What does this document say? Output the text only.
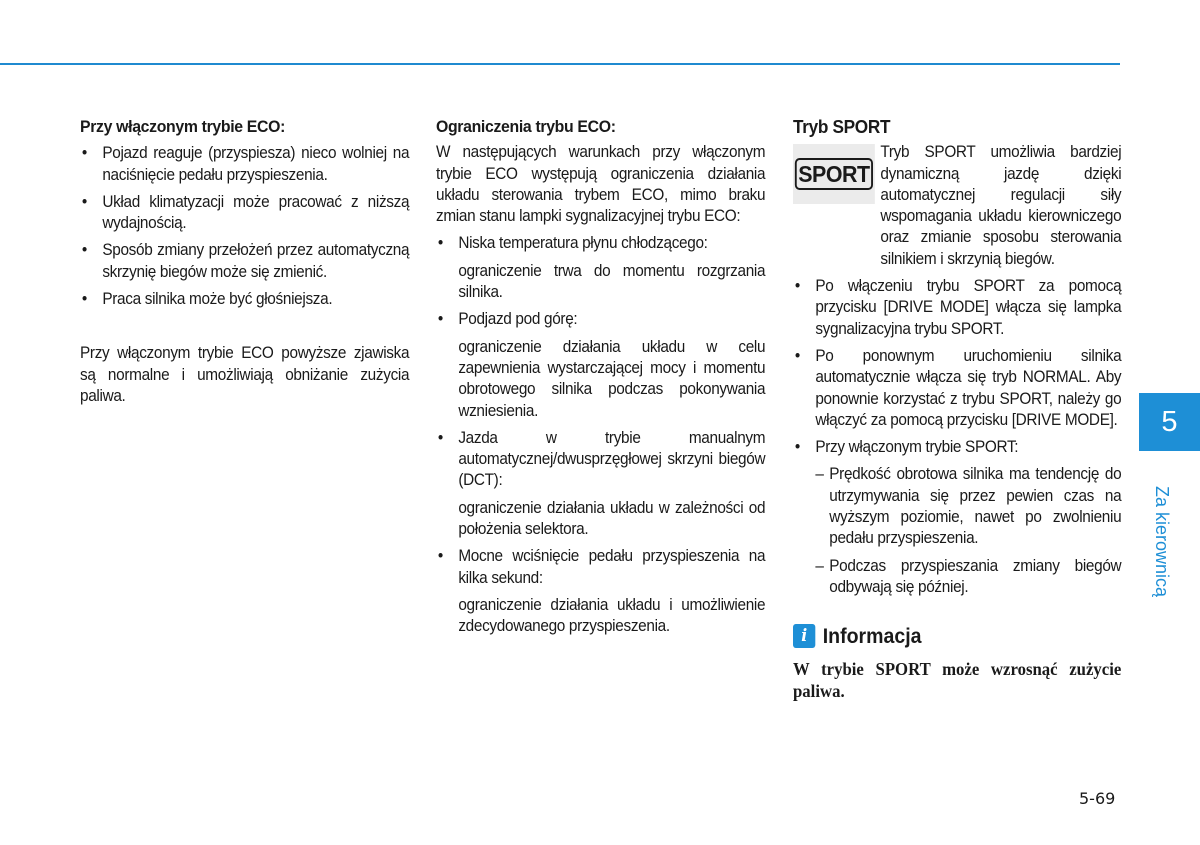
Przy włączonym trybie ECO:
• Pojazd reaguje (przyspiesza) nieco wolniej na naciśnięcie pedału przyspieszenia.
• Układ klimatyzacji może pracować z niższą wydajnością.
• Sposób zmiany przełożeń przez automatyczną skrzynię biegów może się zmienić.
• Praca silnika może być głośniejsza.
Przy włączonym trybie ECO powyższe zjawiska są normalne i umożliwiają obniżanie zużycia paliwa.
Ograniczenia trybu ECO:
W następujących warunkach przy włączonym trybie ECO występują ograniczenia działania układu sterowania trybem ECO, mimo braku zmian stanu lampki sygnalizacyjnej trybu ECO:
• Niska temperatura płynu chłodzącego:
ograniczenie trwa do momentu rozgrzania silnika.
• Podjazd pod górę:
ograniczenie działania układu w celu zapewnienia wystarczającej mocy i momentu obrotowego silnika podczas pokonywania wzniesienia.
• Jazda w trybie manualnym automatycznej/dwusprzęgłowej skrzyni biegów (DCT):
ograniczenie działania układu w zależności od położenia selektora.
• Mocne wciśnięcie pedału przyspieszenia na kilka sekund:
ograniczenie działania układu i umożliwienie zdecydowanego przyspieszenia.
Tryb SPORT
SPORT
Tryb SPORT umożliwia bardziej dynamiczną jazdę dzięki automatycznej regulacji siły wspomagania układu kierowniczego oraz zmianie sposobu sterowania silnikiem i skrzynią biegów.
• Po włączeniu trybu SPORT za pomocą przycisku [DRIVE MODE] włącza się lampka sygnalizacyjna trybu SPORT.
• Po ponownym uruchomieniu silnika automatycznie włącza się tryb NORMAL. Aby ponownie korzystać z trybu SPORT, należy go włączyć za pomocą przycisku [DRIVE MODE].
• Przy włączonym trybie SPORT:
– Prędkość obrotowa silnika ma tendencję do utrzymywania się przez pewien czas na wyższym poziomie, nawet po zwolnieniu pedału przyspieszenia.
– Podczas przyspieszania zmiany biegów odbywają się później.
i Informacja
W trybie SPORT może wzrosnąć zużycie paliwa.
5
Za kierownicą
5-69
